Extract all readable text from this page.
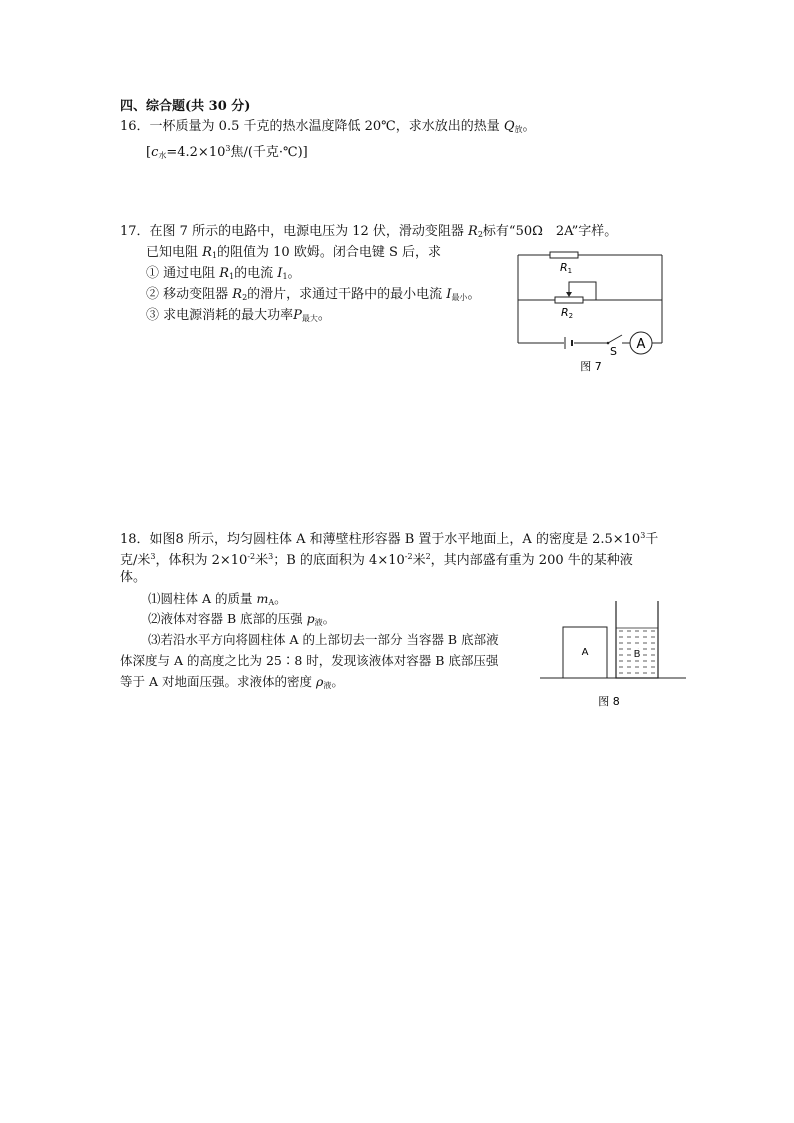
四、综合题(共 30 分)
16．一杯质量为 0.5 千克的热水温度降低 20℃，求水放出的热量 $Q_放$。
[$c_水=4.2\times 10^3$焦/(千克·℃)]
17．在图 7 所示的电路中，电源电压为 12 伏，滑动变阻器 $R_2$标有“50Ω　2A”字样。
已知电阻 $R_1$的阻值为 10 欧姆。闭合电键 S 后，求
① 通过电阻 $R_1$的电流 $I_1$。
② 移动变阻器 $R_2$的滑片，求通过干路中的最小电流 $I_{最小}$。
③ 求电源消耗的最大功率$P_{最大}$。
R1
R2
S A
图 7
18．如图8 所示，均匀圆柱体 A 和薄壁柱形容器 B 置于水平地面上，A 的密度是 $2.5\times 10^3$千
克/米$^3$，体积为 $2\times 10^{-2}$米$^3$；B 的底面积为 $4\times 10^{-2}$米$^2$，其内部盛有重为 200 牛的某种液
体。
⑴圆柱体 A 的质量 $m_A$。
⑵液体对容器 B 底部的压强 $p_液$。
⑶若沿水平方向将圆柱体 A 的上部切去一部分 当容器 B 底部液
体深度与 A 的高度之比为 25∶8 时，发现该液体对容器 B 底部压强
等于 A 对地面压强。求液体的密度 $\rho_液$。
A	B
图 8
